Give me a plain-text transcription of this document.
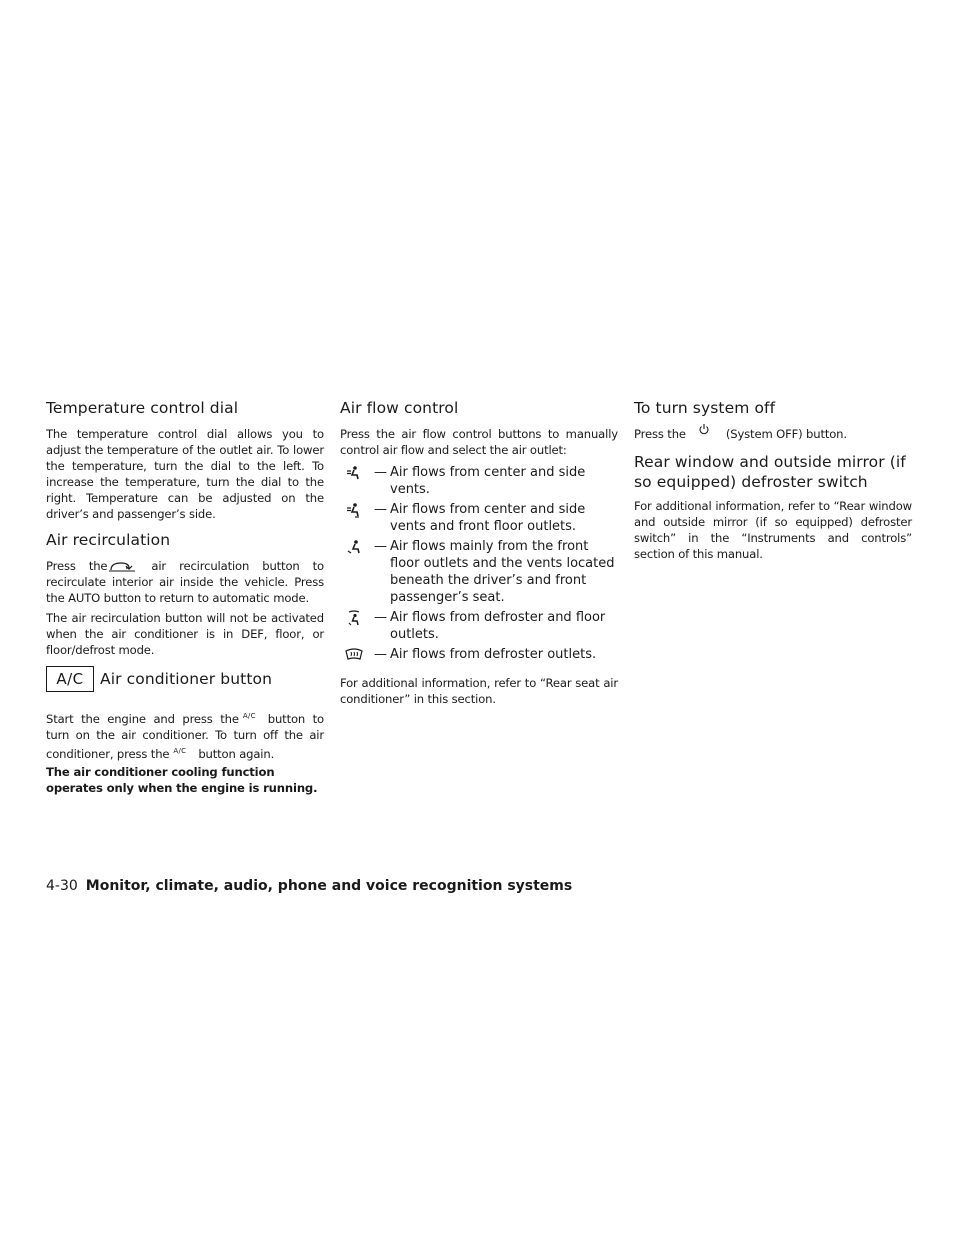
Temperature control dial

The temperature control dial allows you to adjust the temperature of the outlet air. To lower the temperature, turn the dial to the left. To increase the temperature, turn the dial to the right. Temperature can be adjusted on the driver’s and passenger’s side.

Air recirculation

Press the	air recirculation button to recirculate interior air inside the vehicle. Press the AUTO button to return to automatic mode.

The air recirculation button will not be activated when the air conditioner is in DEF, floor, or floor/defrost mode.

A/C	Air conditioner button

Start the engine and press the $^{A/C}$ button to turn on the air conditioner. To turn off the air conditioner, press the $^{A/C}$ button again.

The air conditioner cooling function operates only when the engine is running.

Air flow control

Press the air flow control buttons to manually control air flow and select the air outlet:

— Air flows from center and side vents.
— Air flows from center and side vents and front floor outlets.
— Air flows mainly from the front floor outlets and the vents located beneath the driver’s and front passenger’s seat.
— Air flows from defroster and floor outlets.
— Air flows from defroster outlets.

For additional information, refer to “Rear seat air conditioner” in this section.

To turn system off

Press the	(System OFF) button.

Rear window and outside mirror (if so equipped) defroster switch

For additional information, refer to “Rear window and outside mirror (if so equipped) defroster switch” in the “Instruments and controls” section of this manual.

4-30 Monitor, climate, audio, phone and voice recognition systems
